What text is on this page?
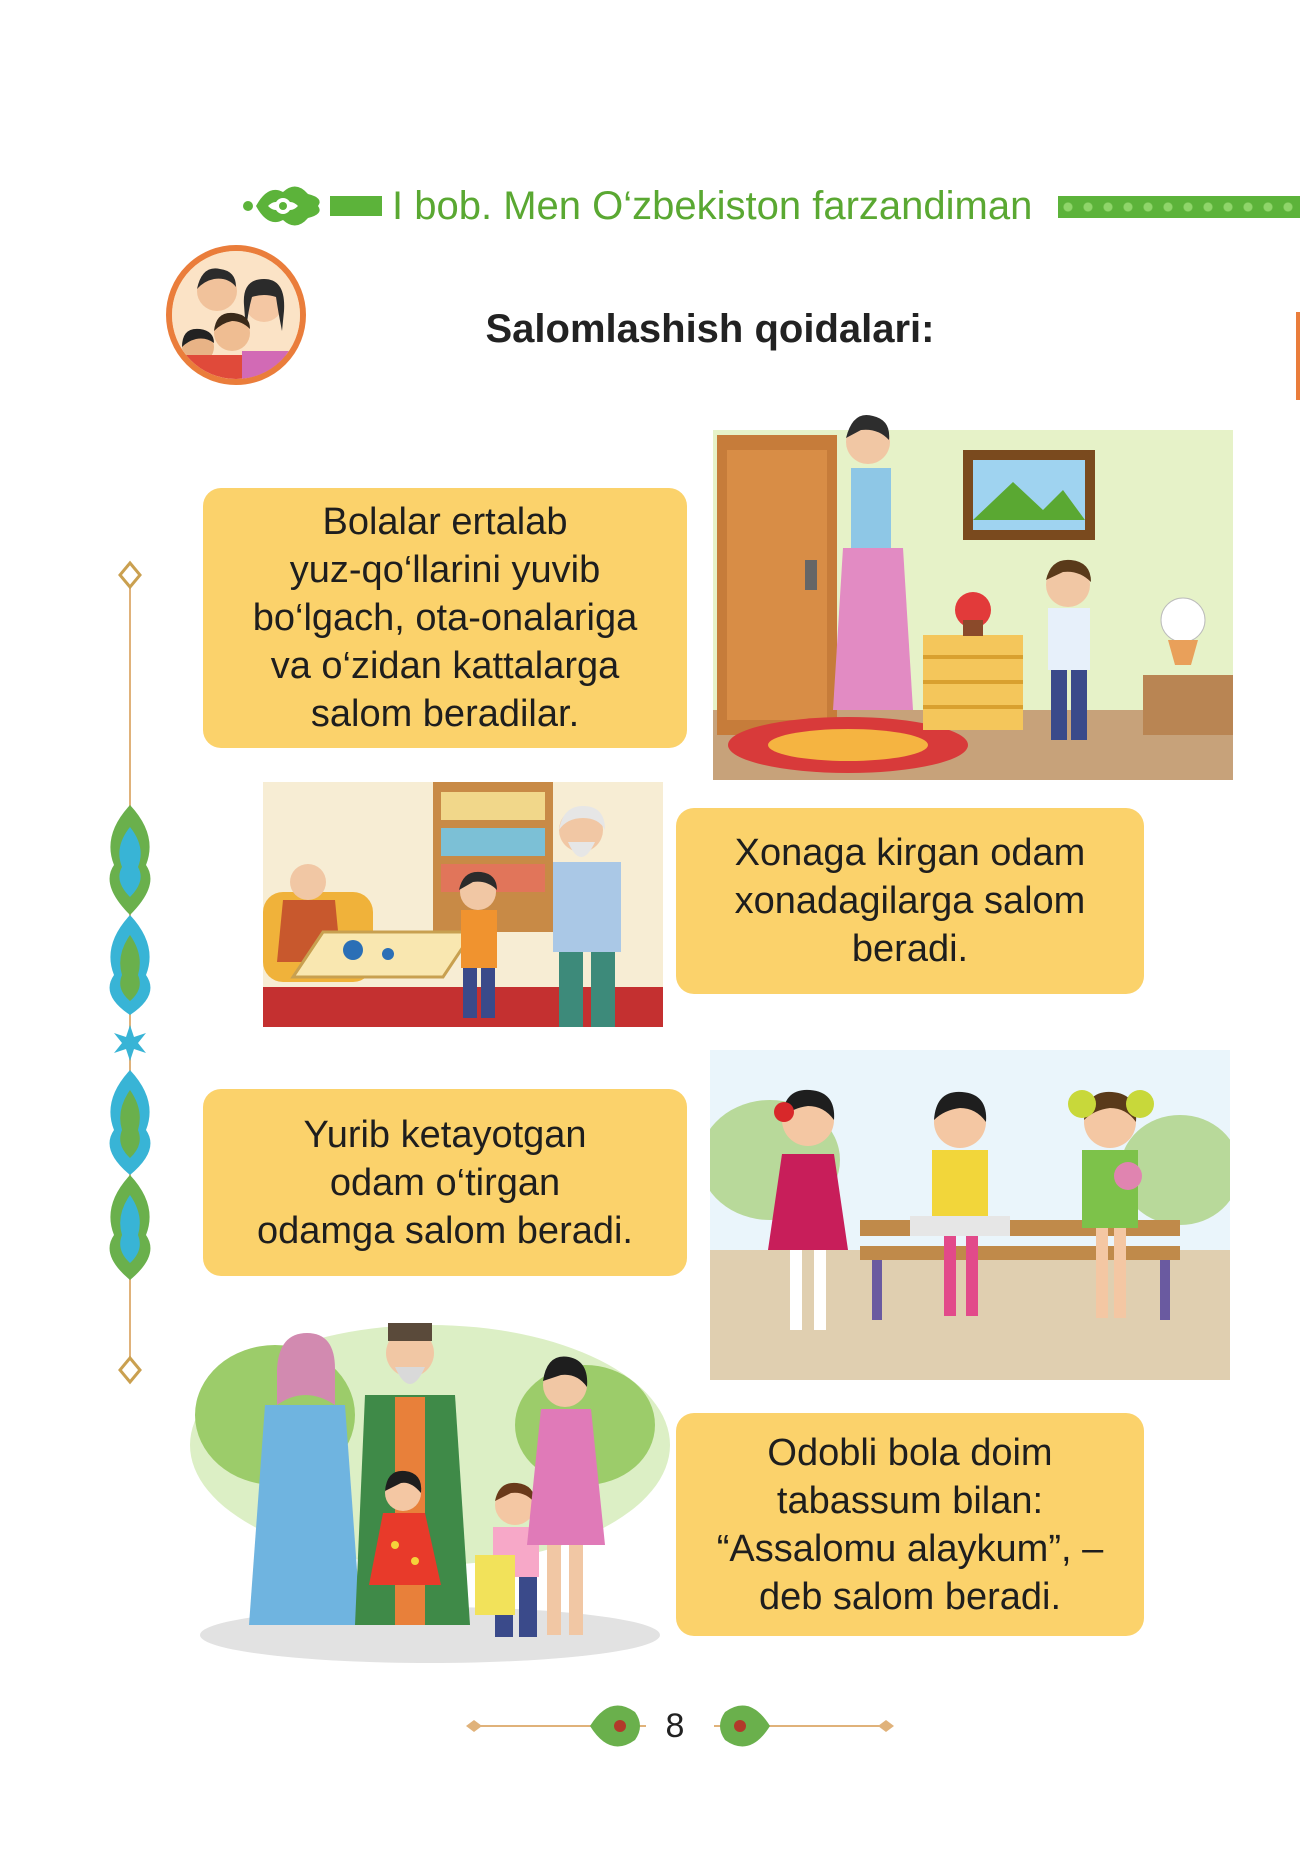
I bob. Men O‘zbekiston farzandiman
Salomlashish qoidalari:
Bolalar ertalab
yuz-qo‘llarini yuvib
bo‘lgach, ota-onalariga
va o‘zidan kattalarga
salom beradilar.
Xonaga kirgan odam
xonadagilarga salom
beradi.
Yurib ketayotgan
odam o‘tirgan
odamga salom beradi.
Odobli bola doim
tabassum bilan:
“Assalomu alaykum”, –
deb salom beradi.
8
